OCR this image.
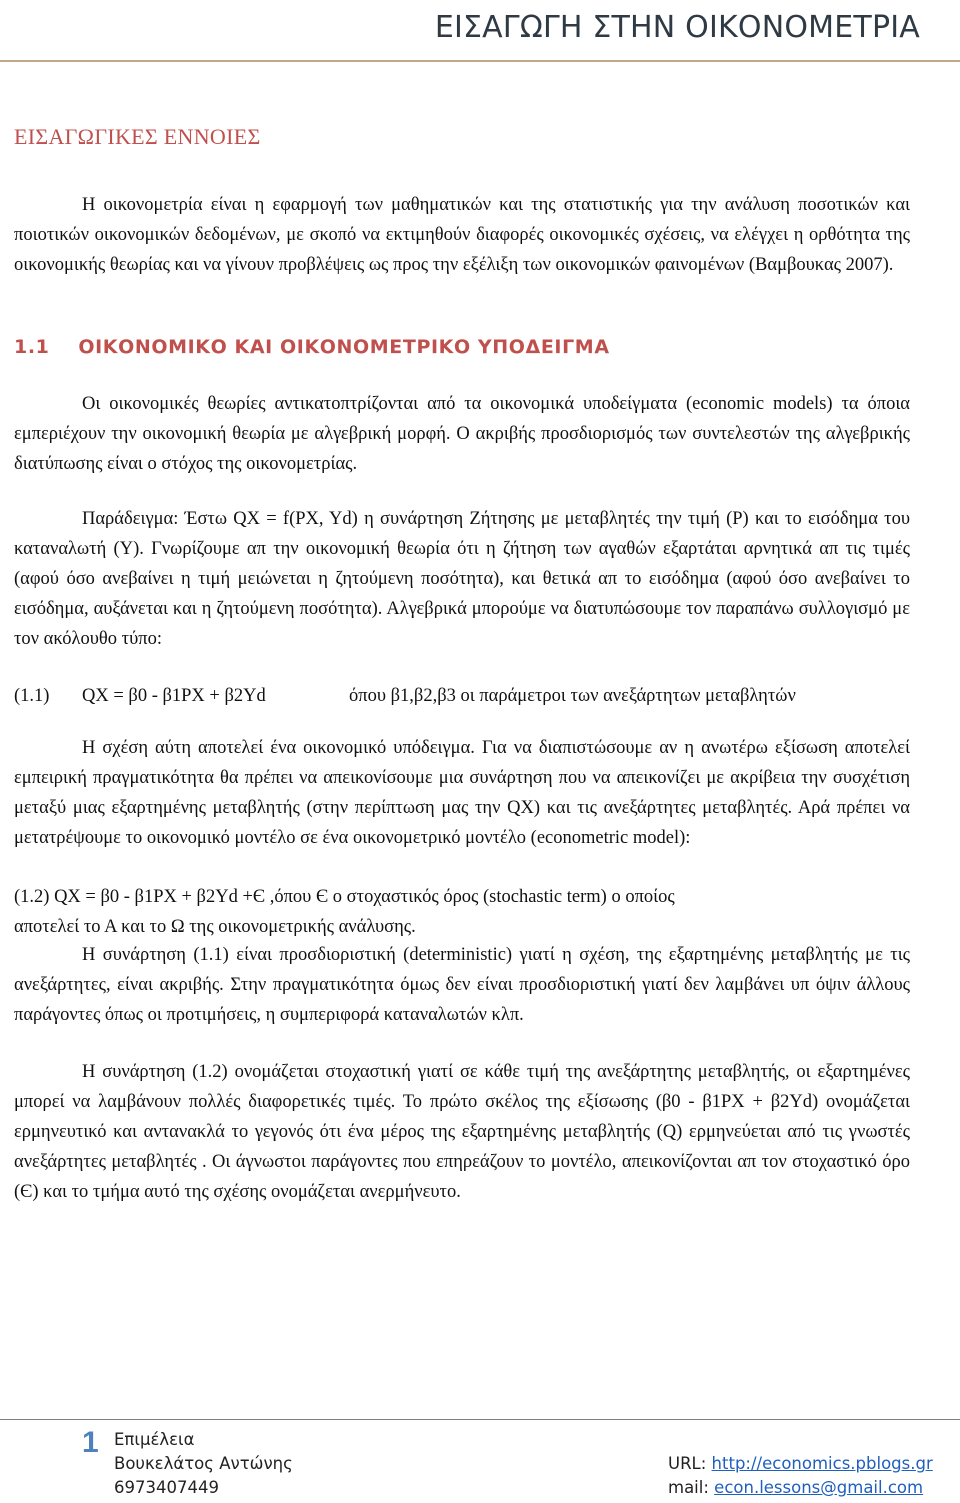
ΕΙΣΑΓΩΓΗ ΣΤΗΝ ΟΙΚΟΝΟΜΕΤΡΙΑ
ΕΙΣΑΓΩΓΙΚΕΣ ΕΝΝΟΙΕΣ
Η οικονομετρία είναι η εφαρμογή των μαθηματικών και της στατιστικής για την ανάλυση ποσοτικών και ποιοτικών οικονομικών δεδομένων, με σκοπό να εκτιμηθούν διαφορές οικονομικές σχέσεις, να ελέγχει η ορθότητα της οικονομικής θεωρίας και να γίνουν προβλέψεις ως προς την εξέλιξη των οικονομικών φαινομένων (Βαμβουκας 2007).
1.1 ΟΙΚΟΝΟΜΙΚΟ ΚΑΙ ΟΙΚΟΝΟΜΕΤΡΙΚΟ ΥΠΟΔΕΙΓΜΑ
Οι οικονομικές θεωρίες αντικατοπτρίζονται από τα οικονομικά υποδείγματα (economic models) τα όποια εμπεριέχουν την οικονομική θεωρία με αλγεβρική μορφή. Ο ακριβής προσδιορισμός των συντελεστών της αλγεβρικής διατύπωσης είναι ο στόχος της οικονομετρίας.
Παράδειγμα: Έστω QX = f(PX, Yd) η συνάρτηση Ζήτησης με μεταβλητές την τιμή (P) και το εισόδημα του καταναλωτή (Y). Γνωρίζουμε απ την οικονομική θεωρία ότι η ζήτηση των αγαθών εξαρτάται αρνητικά απ τις τιμές (αφού όσο ανεβαίνει η τιμή μειώνεται η ζητούμενη ποσότητα), και θετικά απ το εισόδημα (αφού όσο ανεβαίνει το εισόδημα, αυξάνεται και η ζητούμενη ποσότητα). Αλγεβρικά μπορούμε να διατυπώσουμε τον παραπάνω συλλογισμό με τον ακόλουθο τύπο:
(1.1) QX = β0 - β1PX + β2Yd	όπου β1,β2,β3 οι παράμετροι των ανεξάρτητων μεταβλητών
Η σχέση αύτη αποτελεί ένα οικονομικό υπόδειγμα. Για να διαπιστώσουμε αν η ανωτέρω εξίσωση αποτελεί εμπειρική πραγματικότητα θα πρέπει να απεικονίσουμε μια συνάρτηση που να απεικονίζει με ακρίβεια την συσχέτιση μεταξύ μιας εξαρτημένης μεταβλητής (στην περίπτωση μας την QX) και τις ανεξάρτητες μεταβλητές. Αρά πρέπει να μετατρέψουμε το οικονομικό μοντέλο σε ένα οικονομετρικό μοντέλο (econometric model):
(1.2) QX = β0 - β1PX + β2Yd +Є ,όπου Є ο στοχαστικός όρος (stochastic term) ο οποίος
αποτελεί το Α και το Ω της οικονομετρικής ανάλυσης.
Η συνάρτηση (1.1) είναι προσδιοριστική (deterministic) γιατί η σχέση, της εξαρτημένης μεταβλητής με τις ανεξάρτητες, είναι ακριβής. Στην πραγματικότητα όμως δεν είναι προσδιοριστική γιατί δεν λαμβάνει υπ όψιν άλλους παράγοντες όπως οι προτιμήσεις, η συμπεριφορά καταναλωτών κλπ.
Η συνάρτηση (1.2) ονομάζεται στοχαστική γιατί σε κάθε τιμή της ανεξάρτητης μεταβλητής, οι εξαρτημένες μπορεί να λαμβάνουν πολλές διαφορετικές τιμές. Το πρώτο σκέλος της εξίσωσης (β0 - β1PX + β2Yd) ονομάζεται ερμηνευτικό και αντανακλά το γεγονός ότι ένα μέρος της εξαρτημένης μεταβλητής (Q) ερμηνεύεται από τις γνωστές ανεξάρτητες μεταβλητές . Οι άγνωστοι παράγοντες που επηρεάζουν το μοντέλο, απεικονίζονται απ τον στοχαστικό όρο (Є) και το τμήμα αυτό της σχέσης ονομάζεται ανερμήνευτο.
1 Επιμέλεια
Βουκελάτος Αντώνης
6973407449
URL: http://economics.pblogs.gr
mail: econ.lessons@gmail.com
